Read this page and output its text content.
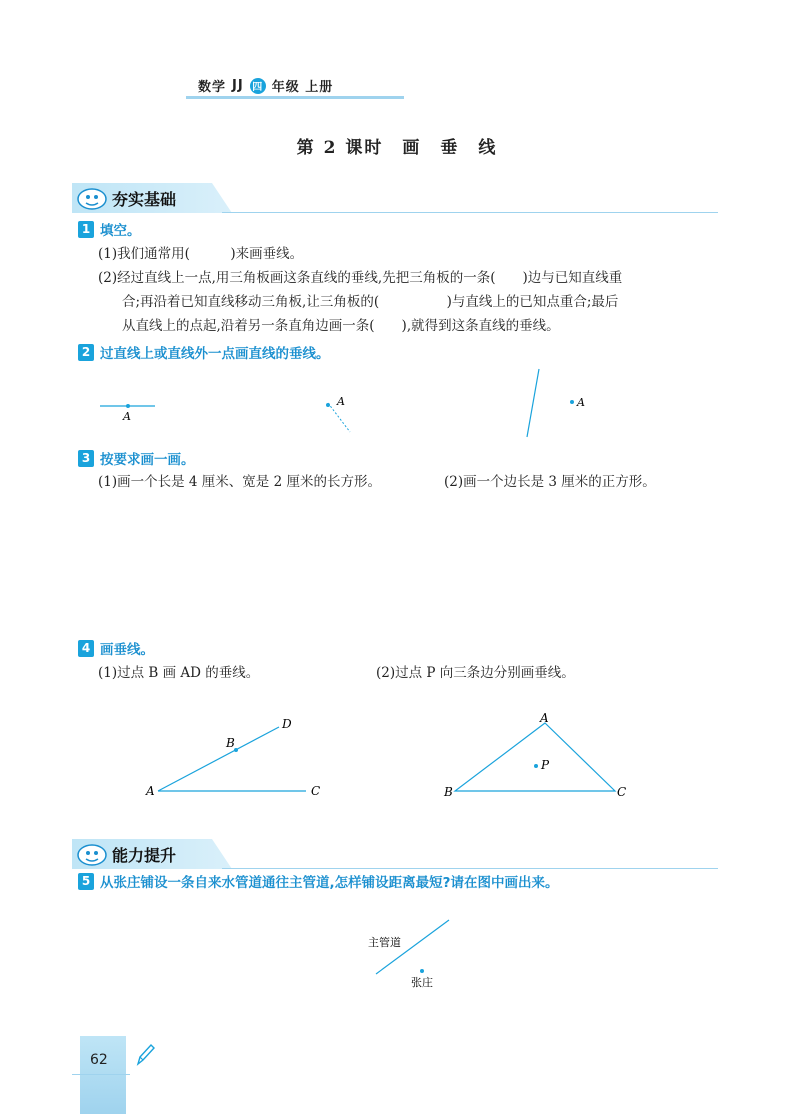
数学 JJ 四 年级 上册
第 2 课时　画　垂　线
夯实基础
1 填空。
(1)我们通常用(　　　)来画垂线。
(2)经过直线上一点,用三角板画这条直线的垂线,先把三角板的一条(　　)边与已知直线重
合;再沿着已知直线移动三角板,让三角板的(　　　　　)与直线上的已知点重合;最后
从直线上的点起,沿着另一条直角边画一条(　　),就得到这条直线的垂线。
2 过直线上或直线外一点画直线的垂线。
A
A	A
3 按要求画一画。
(1)画一个长是 4 厘米、宽是 2 厘米的长方形。	(2)画一个边长是 3 厘米的正方形。
4 画垂线。
(1)过点 B 画 AD 的垂线。	(2)过点 P 向三条边分别画垂线。
A
B
C
D	A
B	C
P
能力提升
5 从张庄铺设一条自来水管道通往主管道,怎样铺设距离最短?请在图中画出来。
主管道
张庄
62
